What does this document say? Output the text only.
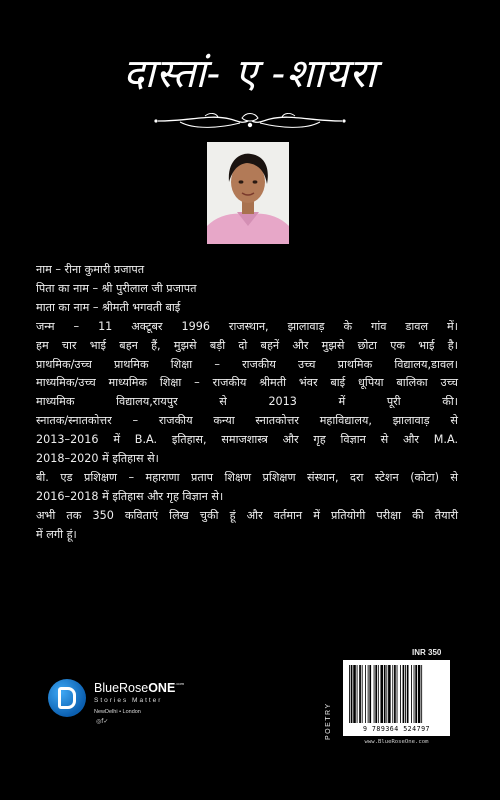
दास्तां- ए -शायरा

नाम – रीना कुमारी प्रजापत

पिता का नाम – श्री पुरीलाल जी प्रजापत

माता का नाम – श्रीमती भगवती बाई

जन्म – 11 अक्टूबर 1996 राजस्थान, झालावाड़ के गांव डावल में।

हम चार भाई बहन हैं, मुझसे बड़ी दो बहनें और मुझसे छोटा एक भाई है।

प्राथमिक/उच्च प्राथमिक शिक्षा – राजकीय उच्च प्राथमिक विद्यालय,डावल।

माध्यमिक/उच्च माध्यमिक शिक्षा – राजकीय श्रीमती भंवर बाई धूपिया बालिका उच्च

माध्यमिक विद्यालय,रायपुर से 2013 में पूरी की।

स्नातक/स्नातकोत्तर – राजकीय कन्या स्नातकोत्तर महाविद्यालय, झालावाड़ से

2013–2016 में B.A. इतिहास, समाजशास्त्र और गृह विज्ञान से और M.A.

2018–2020 में इतिहास से।

बी. एड प्रशिक्षण – महाराणा प्रताप शिक्षण प्रशिक्षण संस्थान, दरा स्टेशन (कोटा) से

2016–2018 में इतिहास और गृह विज्ञान से।

अभी तक 350 कविताएं लिख चुकी हूं और वर्तमान में प्रतियोगी परीक्षा की तैयारी

में लगी हूं।

BlueRoseONE$^{.com}$
Stories Matter
NewDelhi • London
◎f✓
INR 350
POETRY	9 789364 524797
www.BlueRoseOne.com
